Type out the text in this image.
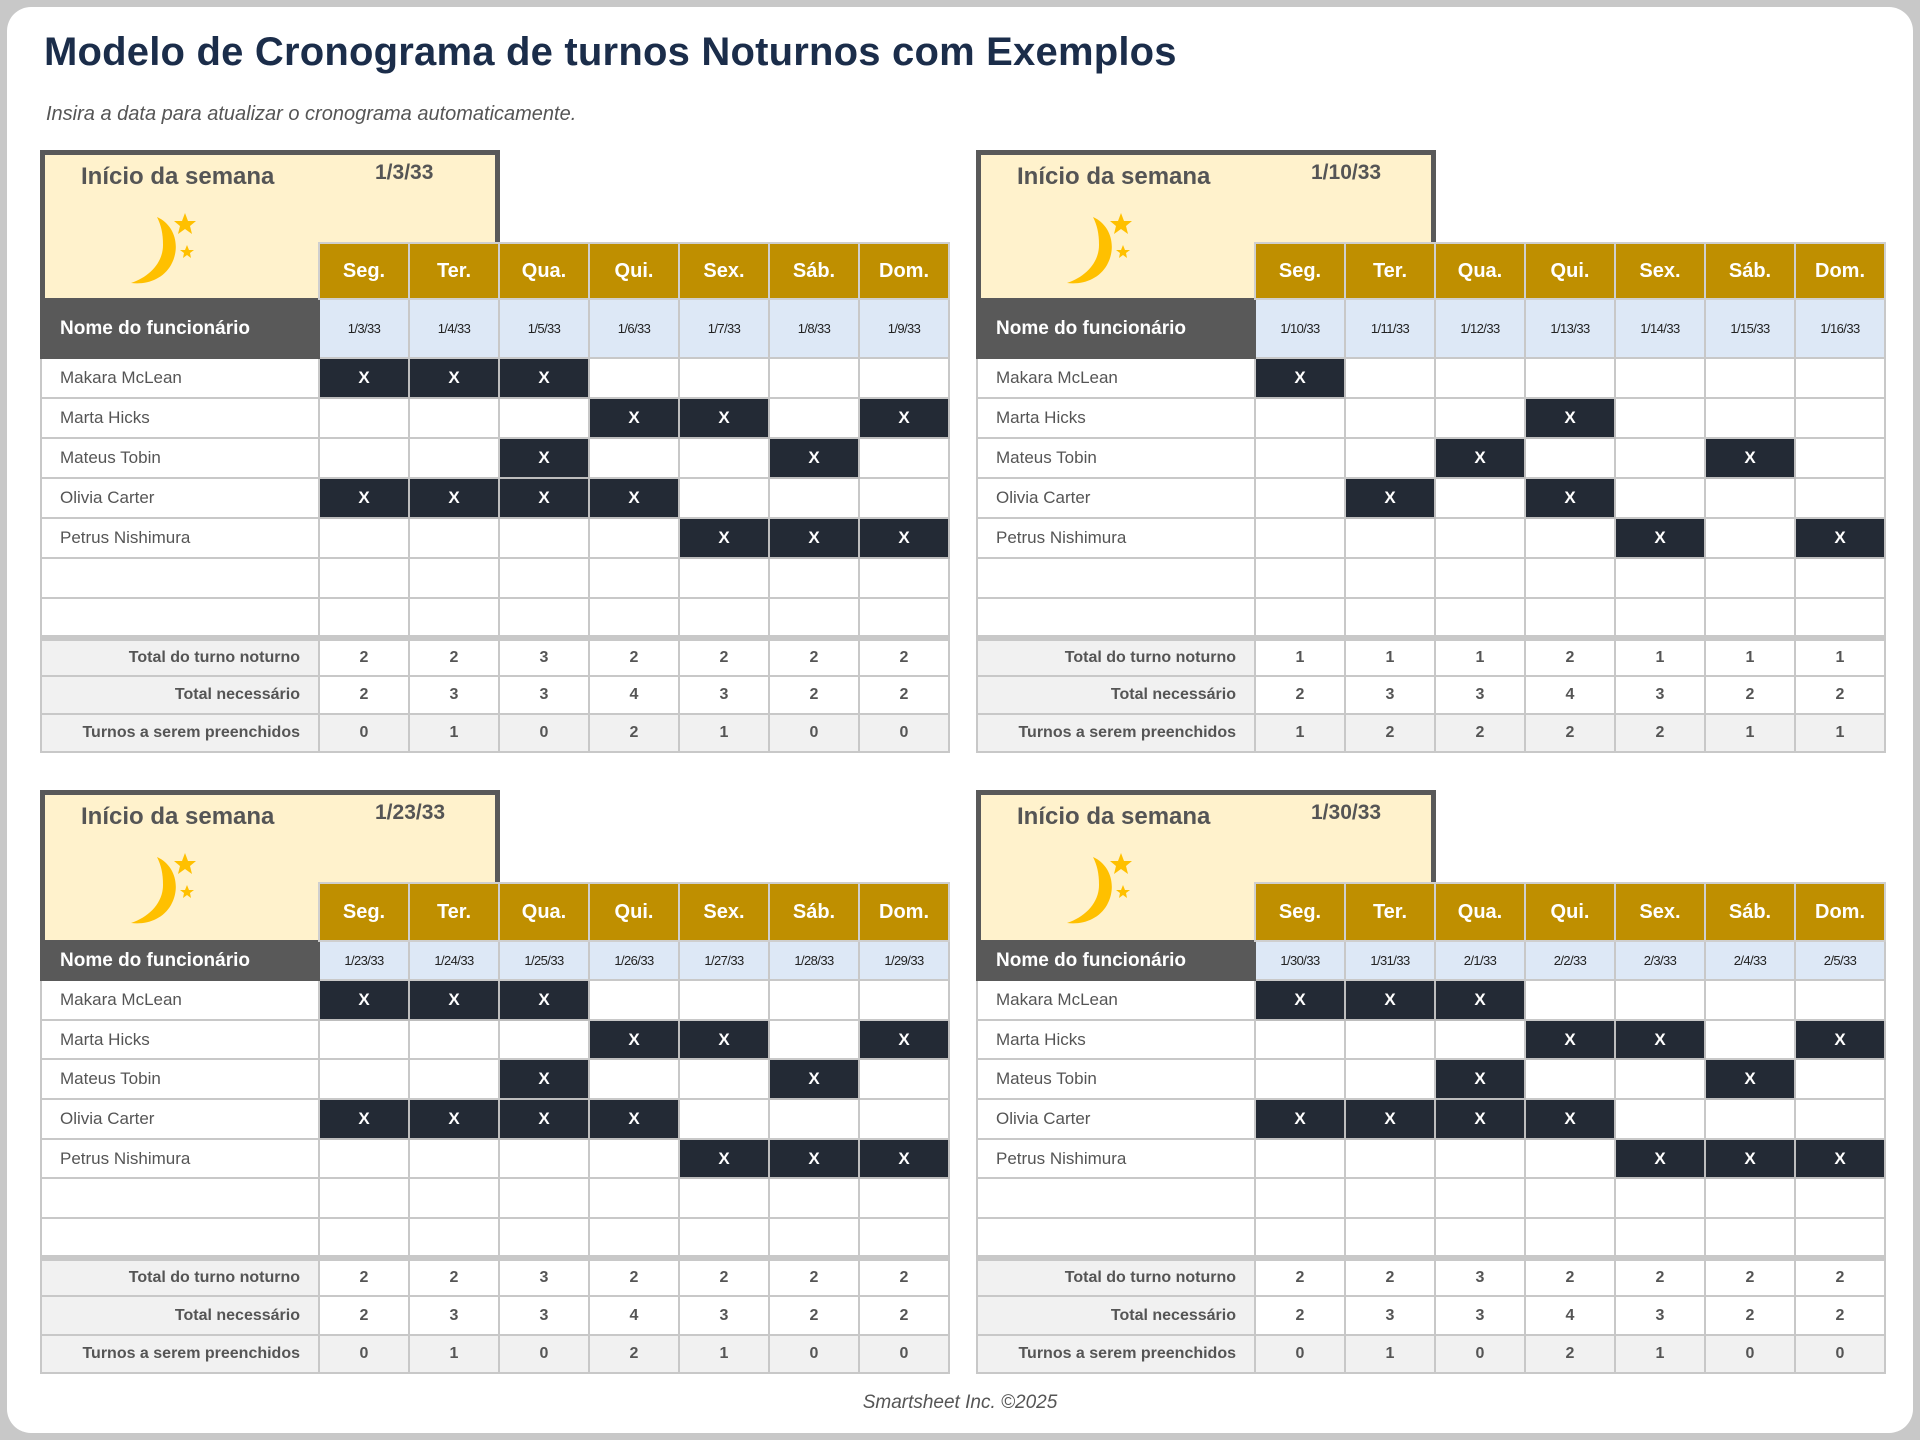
Modelo de Cronograma de turnos Noturnos com Exemplos
Insira a data para atualizar o cronograma automaticamente.
Início da semana	1/3/33
	Seg.	Ter.	Qua.	Qui.	Sex.	Sáb.	Dom.
Nome do funcionário	1/3/33	1/4/33	1/5/33	1/6/33	1/7/33	1/8/33	1/9/33
Makara McLean	X	X	X				
Marta Hicks				X	X		X
Mateus Tobin			X			X	
Olivia Carter	X	X	X	X			
Petrus Nishimura					X	X	X

Total do turno noturno	2	2	3	2	2	2	2
Total necessário	2	3	3	4	3	2	2
Turnos a serem preenchidos	0	1	0	2	1	0	0
Início da semana	1/10/33
	Seg.	Ter.	Qua.	Qui.	Sex.	Sáb.	Dom.
Nome do funcionário	1/10/33	1/11/33	1/12/33	1/13/33	1/14/33	1/15/33	1/16/33
Makara McLean	X						
Marta Hicks				X			
Mateus Tobin			X			X	
Olivia Carter		X		X			
Petrus Nishimura					X		X

Total do turno noturno	1	1	1	2	1	1	1
Total necessário	2	3	3	4	3	2	2
Turnos a serem preenchidos	1	2	2	2	2	1	1
Início da semana	1/23/33
	Seg.	Ter.	Qua.	Qui.	Sex.	Sáb.	Dom.
Nome do funcionário	1/23/33	1/24/33	1/25/33	1/26/33	1/27/33	1/28/33	1/29/33
Makara McLean	X	X	X				
Marta Hicks				X	X		X
Mateus Tobin			X			X	
Olivia Carter	X	X	X	X			
Petrus Nishimura					X	X	X

Total do turno noturno	2	2	3	2	2	2	2
Total necessário	2	3	3	4	3	2	2
Turnos a serem preenchidos	0	1	0	2	1	0	0
Início da semana	1/30/33
	Seg.	Ter.	Qua.	Qui.	Sex.	Sáb.	Dom.
Nome do funcionário	1/30/33	1/31/33	2/1/33	2/2/33	2/3/33	2/4/33	2/5/33
Makara McLean	X	X	X				
Marta Hicks				X	X		X
Mateus Tobin			X			X	
Olivia Carter	X	X	X	X			
Petrus Nishimura					X	X	X

Total do turno noturno	2	2	3	2	2	2	2
Total necessário	2	3	3	4	3	2	2
Turnos a serem preenchidos	0	1	0	2	1	0	0
Smartsheet Inc. ©2025
